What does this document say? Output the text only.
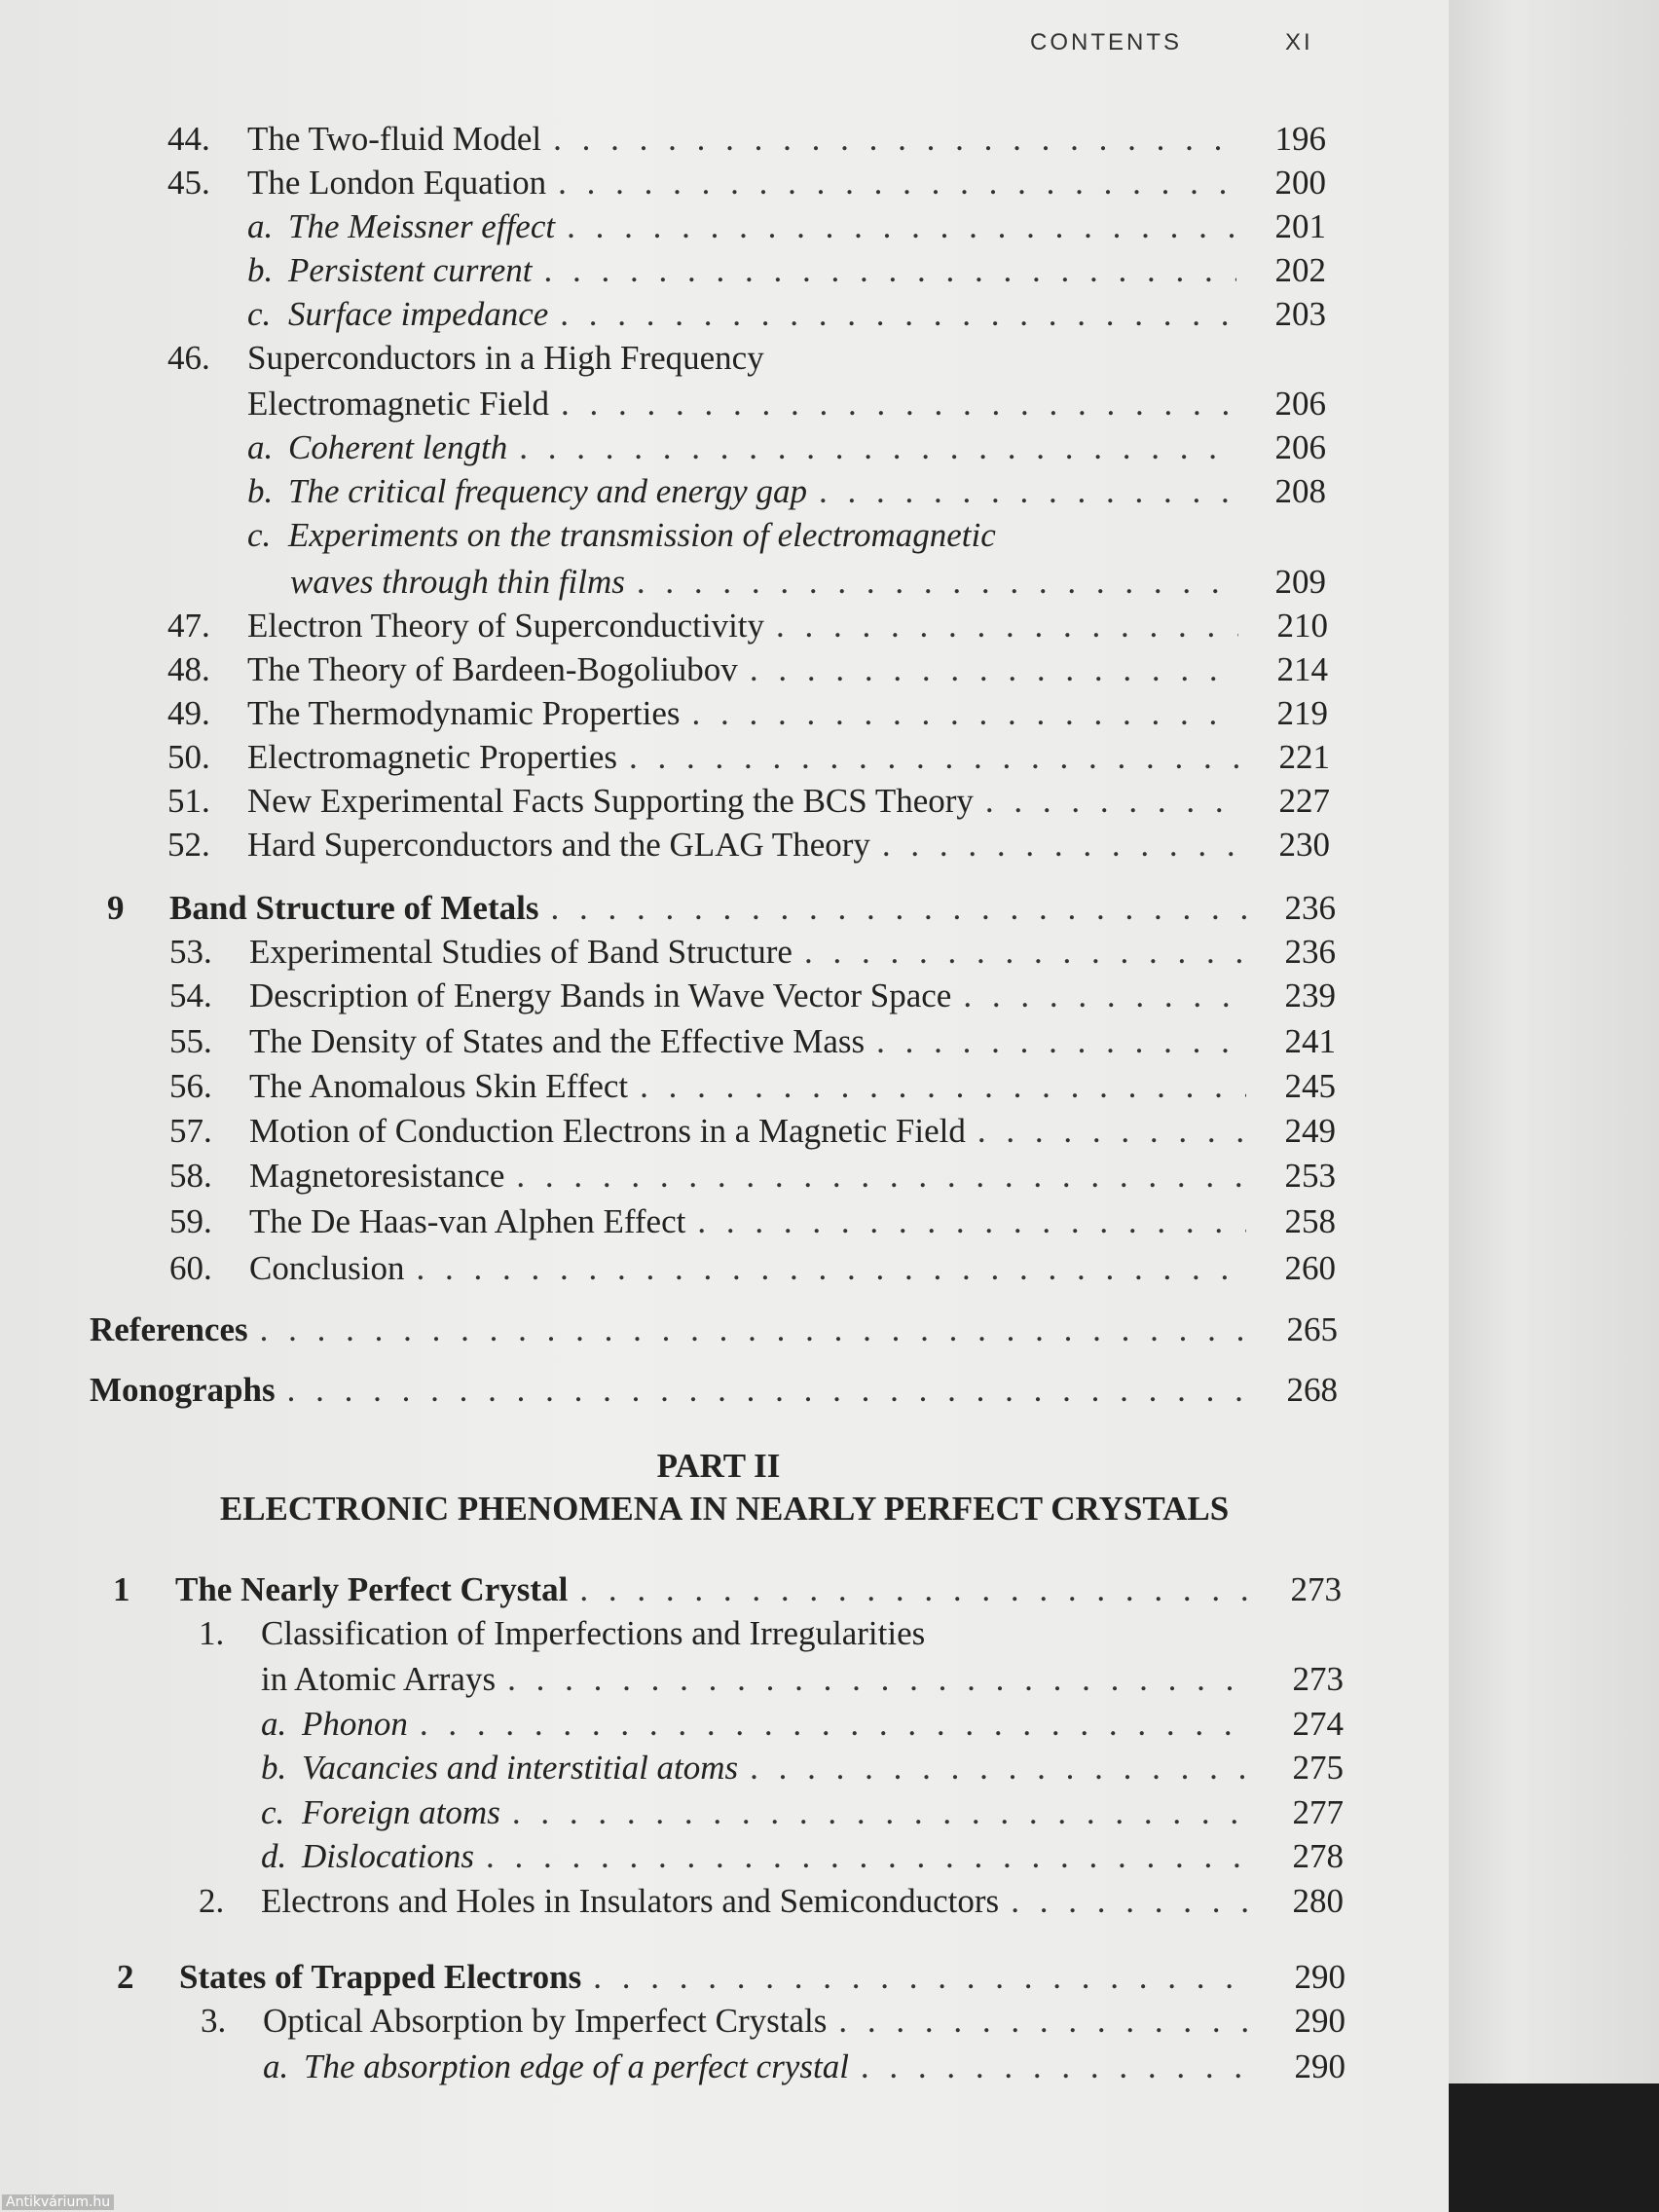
CONTENTS	XI
44.	The Two-fluid Model . . .	196
45.	The London Equation . . .	200
a. The Meissner effect . . .	201
b. Persistent current . . .	202
c. Surface impedance . . .	203
46. Superconductors in a High Frequency
Electromagnetic Field . . .	206
a. Coherent length . . .	206
b. The critical frequency and energy gap . . .	208
c. Experiments on the transmission of electromagnetic
waves through thin films . . .	209
47.	Electron Theory of Superconductivity . . .	210
48.	The Theory of Bardeen-Bogoliubov . . .	214
49.	The Thermodynamic Properties . . .	219
50.	Electromagnetic Properties . . .	221
51.	New Experimental Facts Supporting the BCS Theory . . .	227
52.	Hard Superconductors and the GLAG Theory . . .	230
9	Band Structure of Metals . . .	236
53.	Experimental Studies of Band Structure . . .	236
54.	Description of Energy Bands in Wave Vector Space . . .	239
55.	The Density of States and the Effective Mass . . .	241
56.	The Anomalous Skin Effect . . .	245
57.	Motion of Conduction Electrons in a Magnetic Field . . .	249
58.	Magnetoresistance . . .	253
59.	The De Haas-van Alphen Effect . . .	258
60.	Conclusion . . .	260
References . . .	265
Monographs . . .	268
PART II
ELECTRONIC PHENOMENA IN NEARLY PERFECT CRYSTALS
1	The Nearly Perfect Crystal . . .	273
1. Classification of Imperfections and Irregularities
in Atomic Arrays . . .	273
a. Phonon . . .	274
b. Vacancies and interstitial atoms . . .	275
c. Foreign atoms . . .	277
d. Dislocations . . .	278
2.	Electrons and Holes in Insulators and Semiconductors . . .	280
2	States of Trapped Electrons . . .	290
3.	Optical Absorption by Imperfect Crystals . . .	290
a. The absorption edge of a perfect crystal . . .	290
Antikvárium.hu
